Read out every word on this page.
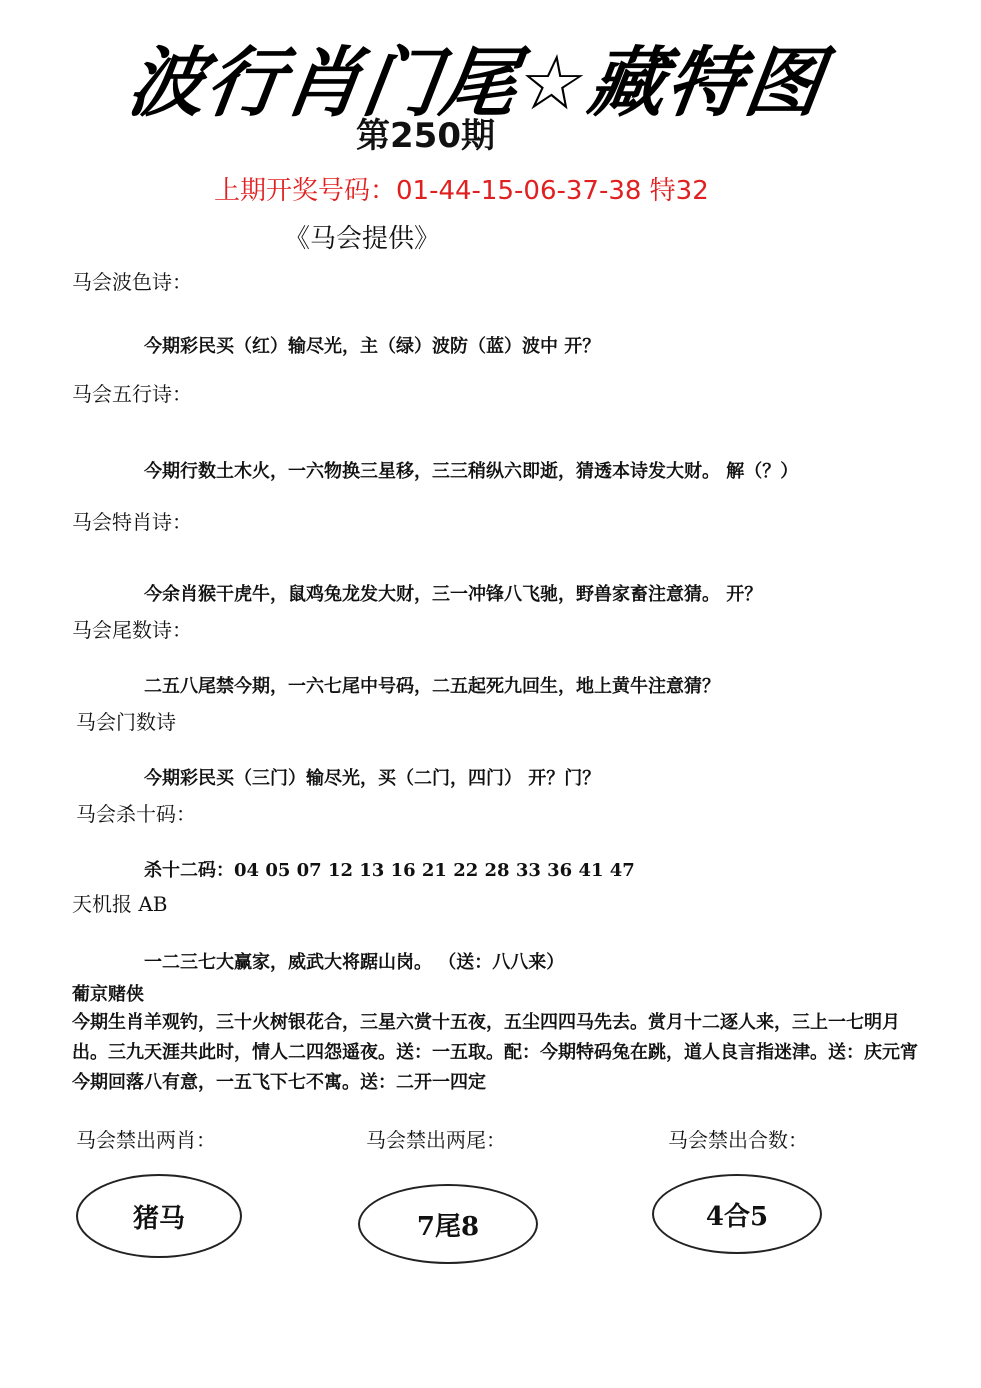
波行肖门尾☆藏特图
第250期
上期开奖号码：01-44-15-06-37-38 特32
《马会提供》
马会波色诗：
今期彩民买（红）输尽光，主（绿）波防（蓝）波中 开？
马会五行诗：
今期行数土木火，一六物换三星移，三三稍纵六即逝，猜透本诗发大财。 解（？）
马会特肖诗：
今余肖猴干虎牛，鼠鸡兔龙发大财，三一冲锋八飞驰，野兽家畜注意猜。 开？
马会尾数诗：
二五八尾禁今期，一六七尾中号码，二五起死九回生，地上黄牛注意猜？
马会门数诗
今期彩民买（三门）输尽光，买（二门，四门） 开？门？
马会杀十码：
杀十二码：04 05 07 12 13 16 21 22 28 33 36 41 47
天机报 AB
一二三七大赢家，威武大将踞山岗。 （送：八八来）
葡京赌侠
今期生肖羊观钓，三十火树银花合，三星六赏十五夜，五尘四四马先去。赏月十二逐人来，三上一七明月出。三九天涯共此时，情人二四怨遥夜。送：一五取。配：今期特码兔在跳，道人良言指迷津。送：庆元宵今期回落八有意，一五飞下七不寓。送：二开一四定
马会禁出两肖：	马会禁出两尾：	马会禁出合数：
猪马	7尾8	4合5
